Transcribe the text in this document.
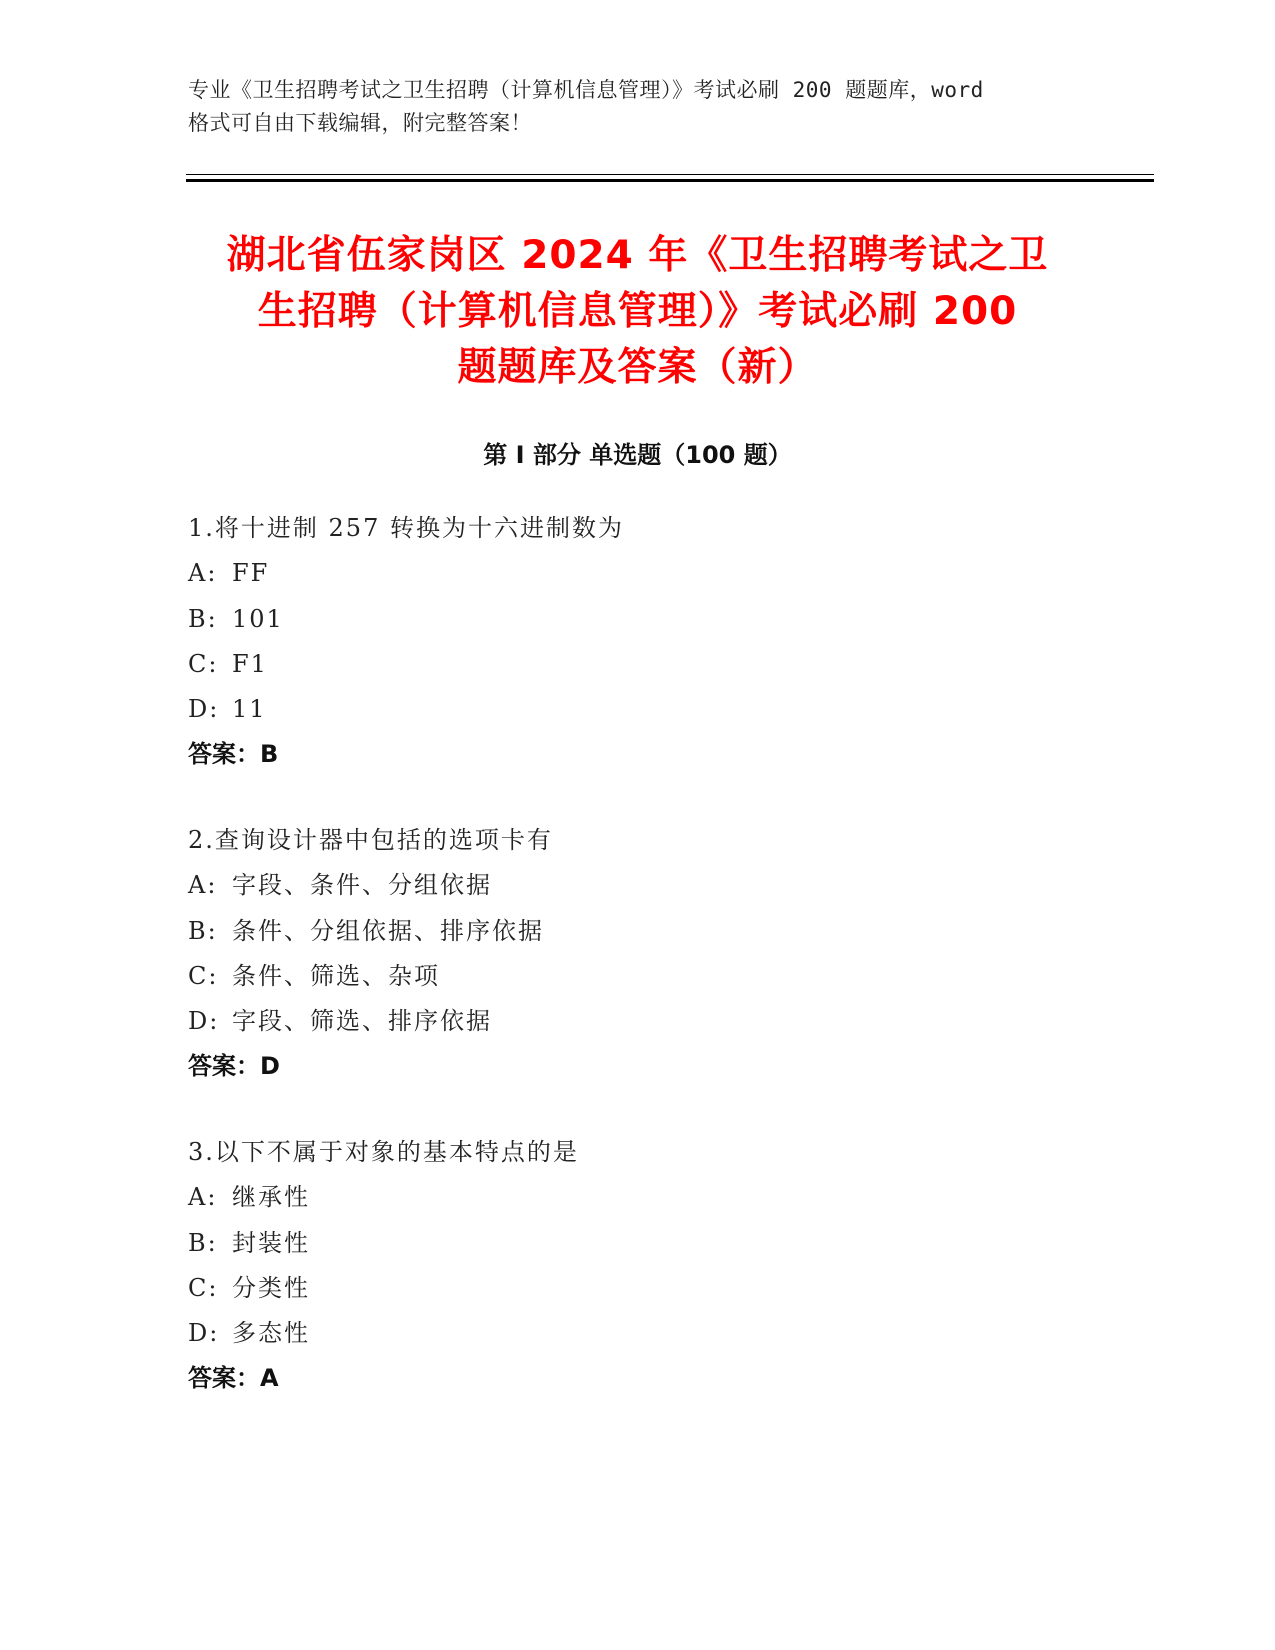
专业《卫生招聘考试之卫生招聘（计算机信息管理）》考试必刷 200 题题库，word
格式可自由下载编辑，附完整答案！
湖北省伍家岗区 2024 年《卫生招聘考试之卫
生招聘（计算机信息管理）》考试必刷 200
题题库及答案（新）
第 I 部分 单选题（100 题）
1.将十进制 257 转换为十六进制数为
A: FF
B: 101
C: F1
D: 11
答案：B
2.查询设计器中包括的选项卡有
A: 字段、条件、分组依据
B: 条件、分组依据、排序依据
C: 条件、筛选、杂项
D: 字段、筛选、排序依据
答案：D
3.以下不属于对象的基本特点的是
A: 继承性
B: 封装性
C: 分类性
D: 多态性
答案：A
